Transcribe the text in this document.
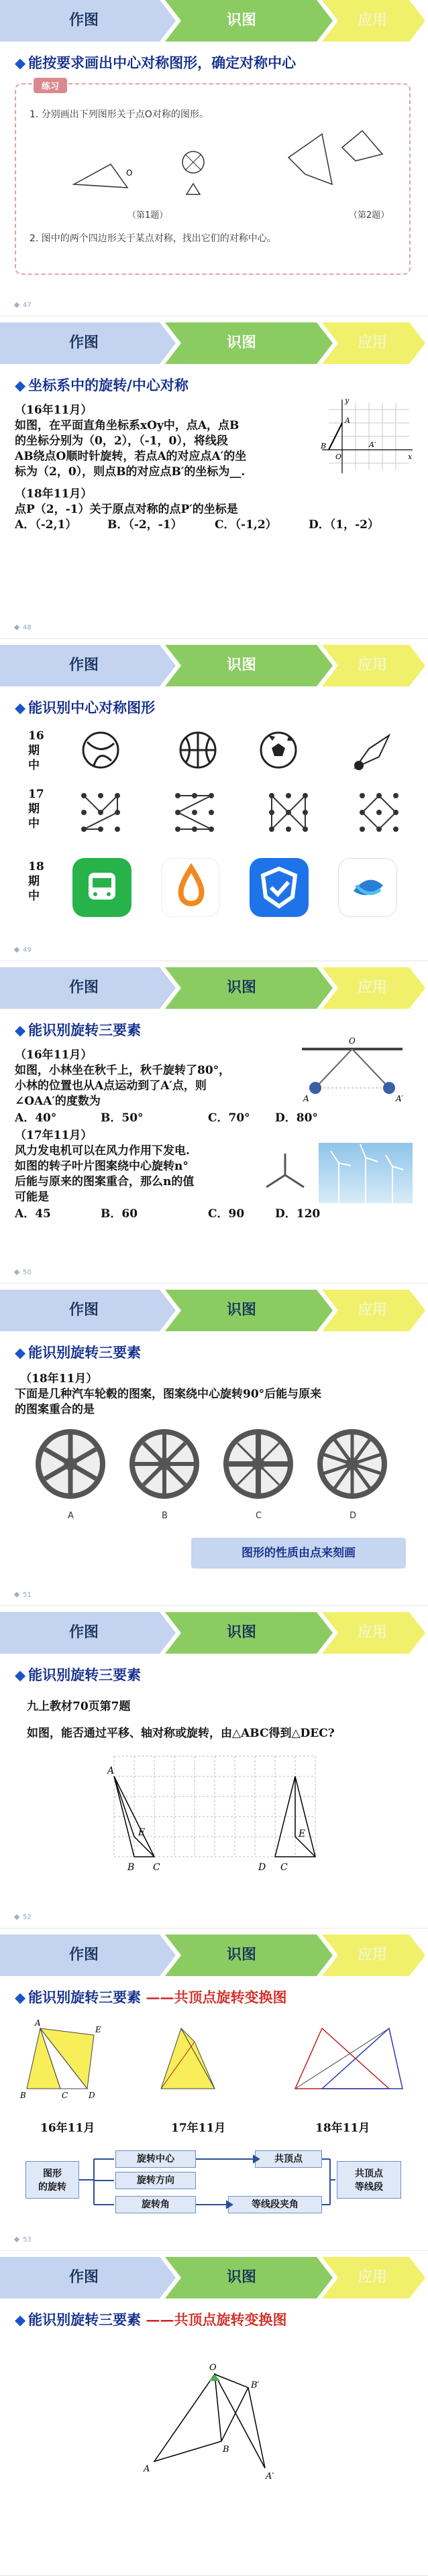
作图	识图	应用
◆ 能按要求画出中心对称图形，确定对称中心
练习
1. 分别画出下列图形关于点O对称的图形。
O
（第1题）	（第2题）
2. 图中的两个四边形关于某点对称，找出它们的对称中心。
47
作图	识图	应用
◆ 坐标系中的旋转/中心对称
（16年11月）
如图，在平面直角坐标系xOy中，点A，点B
的坐标分别为（0，2），（-1，0），将线段
AB绕点O顺时针旋转，若点A的对应点A′的坐
标为（2，0），则点B的对应点B′的坐标为__.
（18年11月）
点P（2，-1）关于原点对称的点P′的坐标是
A．（-2,1）	B．（-2，-1）	C．（-1,2）	D．（1，-2）
y
x
A
B
O
A′
48
作图	识图	应用
◆ 能识别中心对称图形
16期中
17期中
18期中
49
作图	识图	应用
◆ 能识别旋转三要素
（16年11月）
如图，小林坐在秋千上，秋千旋转了80°，
小林的位置也从A点运动到了A′点，则
∠OAA′的度数为
A．40°	B．50°	C．70° D．80°
O
A	A′
（17年11月）
风力发电机可以在风力作用下发电.
如图的转子叶片图案绕中心旋转n°
后能与原来的图案重合，那么n的值
可能是
A．45	B．60	C．90	D．120
50
作图	识图	应用
◆ 能识别旋转三要素
（18年11月）
下面是几种汽车轮毂的图案，图案绕中心旋转90°后能与原来
的图案重合的是
A	B	C	D
图形的性质由点来刻画
51
作图	识图	应用
◆ 能识别旋转三要素
九上教材70页第7题
如图，能否通过平移、轴对称或旋转，由△ABC得到△DEC?
A
E
B C	D C
E
52
作图	识图	应用
◆ 能识别旋转三要素 ——共顶点旋转变换图
A
E
B	C	D
16年11月	17年11月	18年11月
图形
的旋转
旋转中心
旋转方向
旋转角
共顶点
等线段夹角
共顶点
等线段
53
作图	识图	应用
◆ 能识别旋转三要素 ——共顶点旋转变换图
O
A
B
B′
A′
